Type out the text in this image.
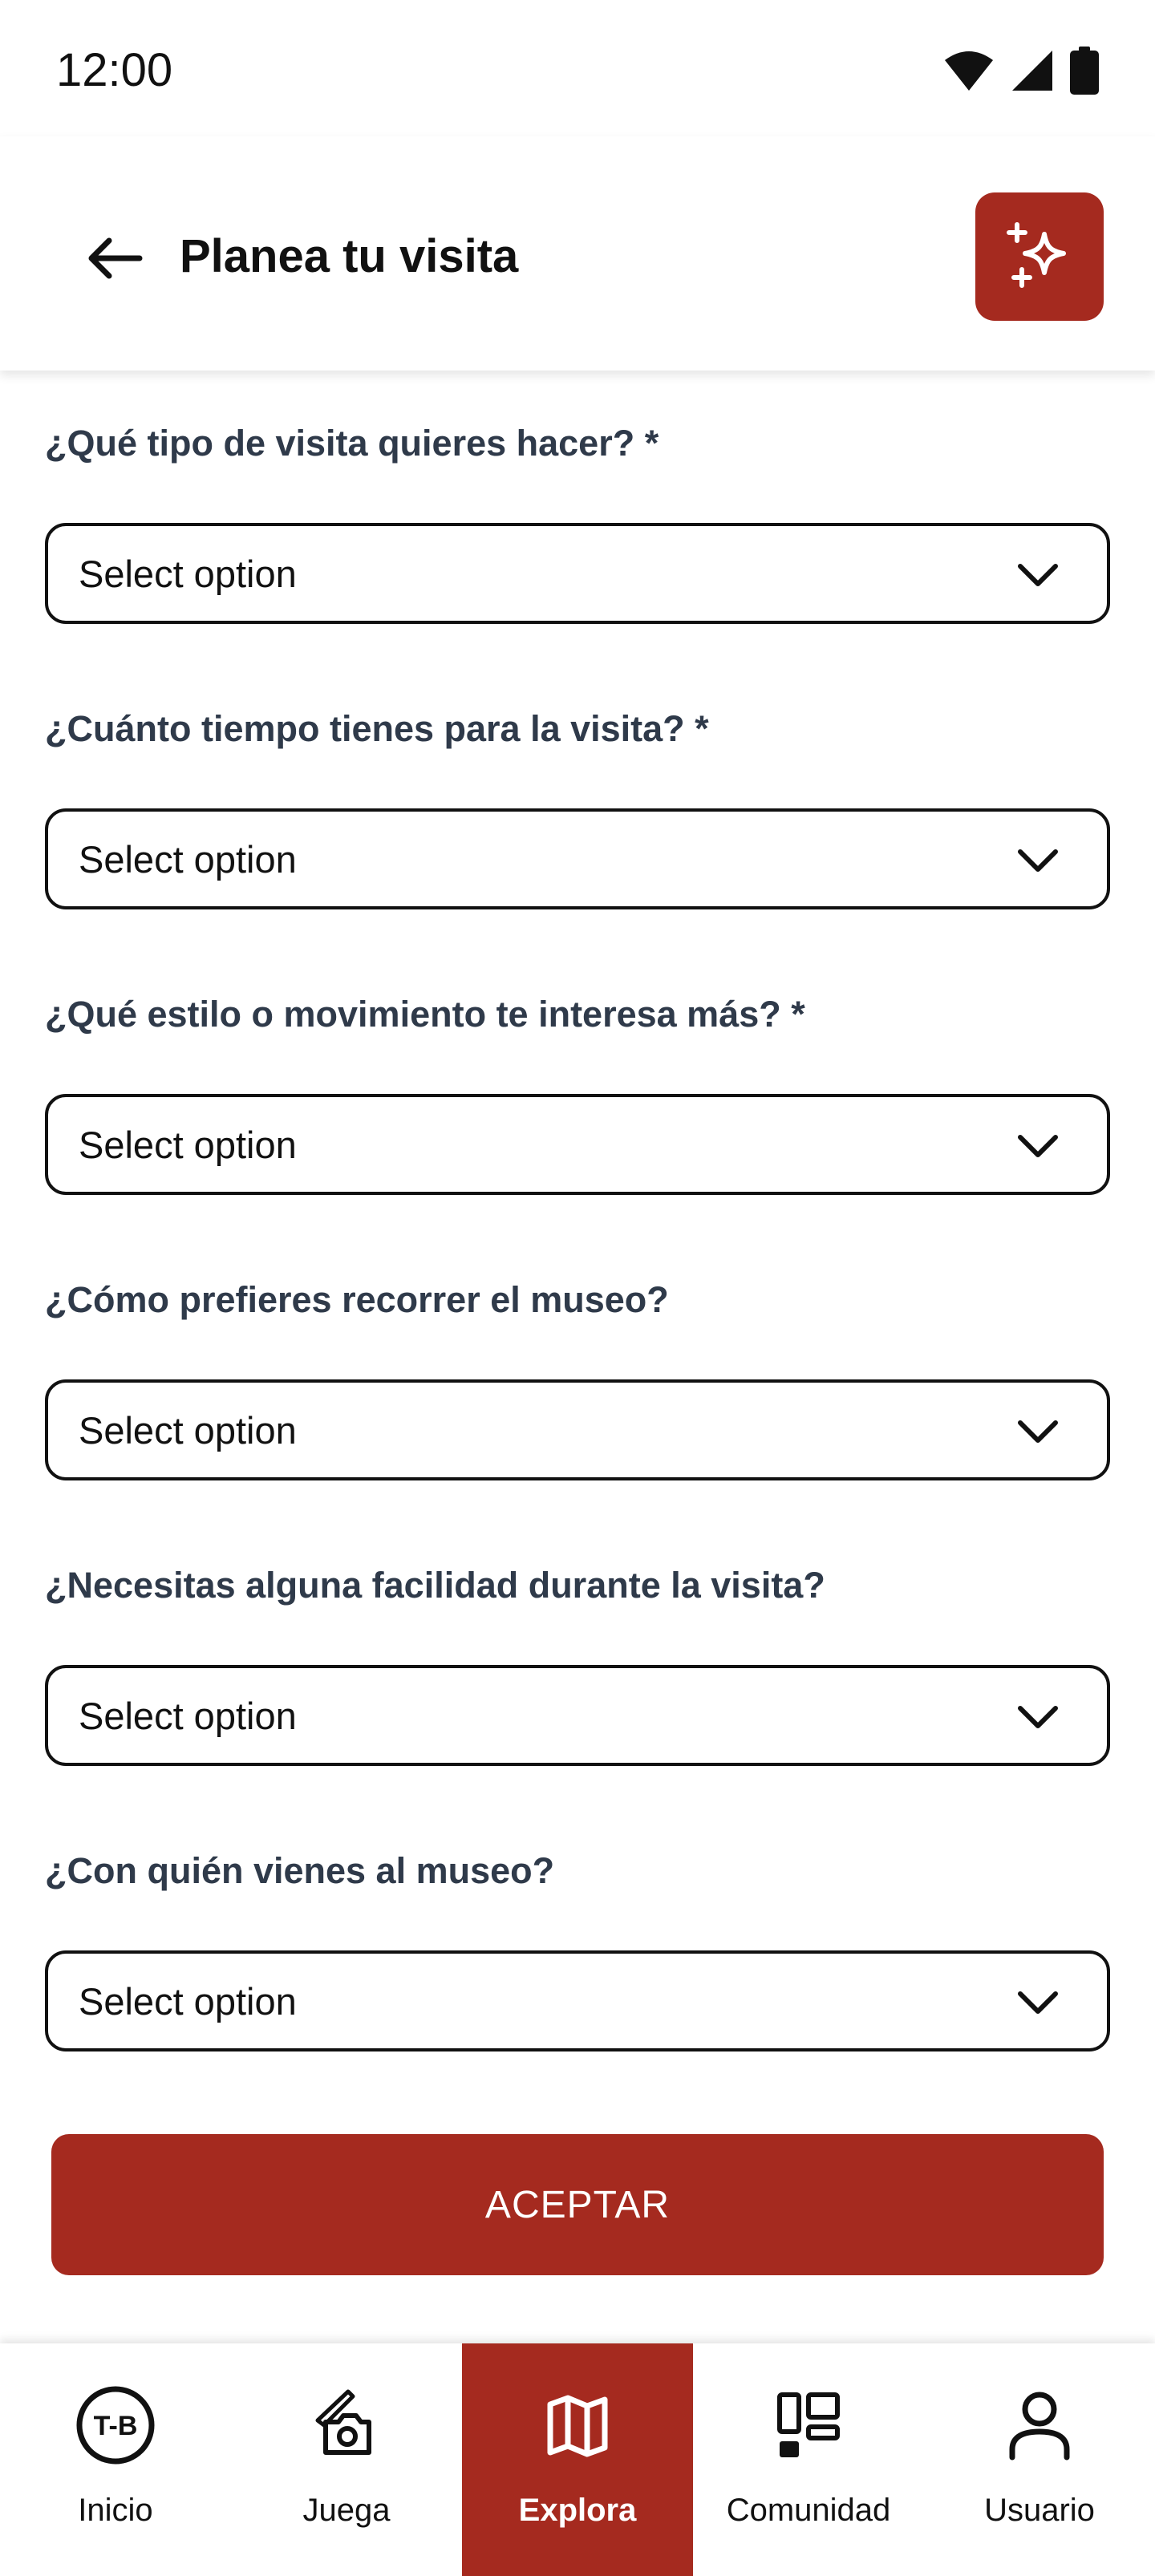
12:00
Planea tu visita
¿Qué tipo de visita quieres hacer? *
Select option
¿Cuánto tiempo tienes para la visita? *
Select option
¿Qué estilo o movimiento te interesa más? *
Select option
¿Cómo prefieres recorrer el museo?
Select option
¿Necesitas alguna facilidad durante la visita?
Select option
¿Con quién vienes al museo?
Select option
ACEPTAR
T-B
Inicio	Juega	Explora	Comunidad	Usuario
